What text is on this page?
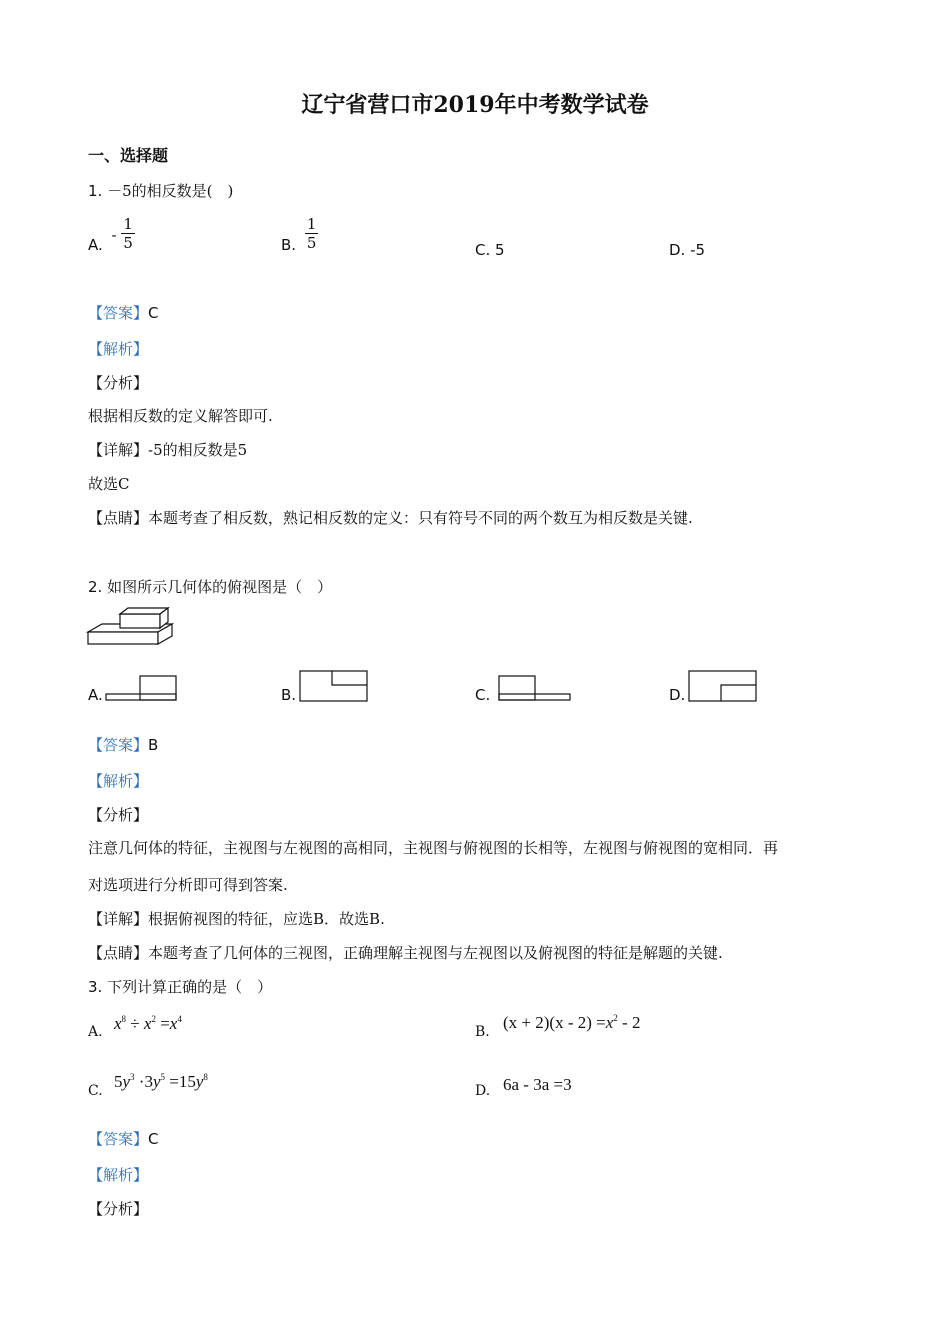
辽宁省营口市2019年中考数学试卷
一、选择题
1. －5的相反数是(　)
A. - $\frac{1}{5}$	B. $\frac{1}{5}$	C. 5	D. -5
【答案】C
【解析】
【分析】
根据相反数的定义解答即可.
【详解】-5的相反数是5
故选C
【点睛】本题考查了相反数，熟记相反数的定义：只有符号不同的两个数互为相反数是关键.
2. 如图所示几何体的俯视图是（　）
A.	B.	C.	D.
【答案】B
【解析】
【分析】
注意几何体的特征，主视图与左视图的高相同，主视图与俯视图的长相等，左视图与俯视图的宽相同．再
对选项进行分析即可得到答案.
【详解】根据俯视图的特征，应选B．故选B.
【点睛】本题考查了几何体的三视图，正确理解主视图与左视图以及俯视图的特征是解题的关键.
3. 下列计算正确的是（　）
A. $x^8 \div x^2 =x^4$
B. $(x + 2)(x - 2) =x^2 - 2$
C. $5y^3 \cdot 3y^5 =15y^8$
D. 6a - 3a =3
【答案】C
【解析】
【分析】
